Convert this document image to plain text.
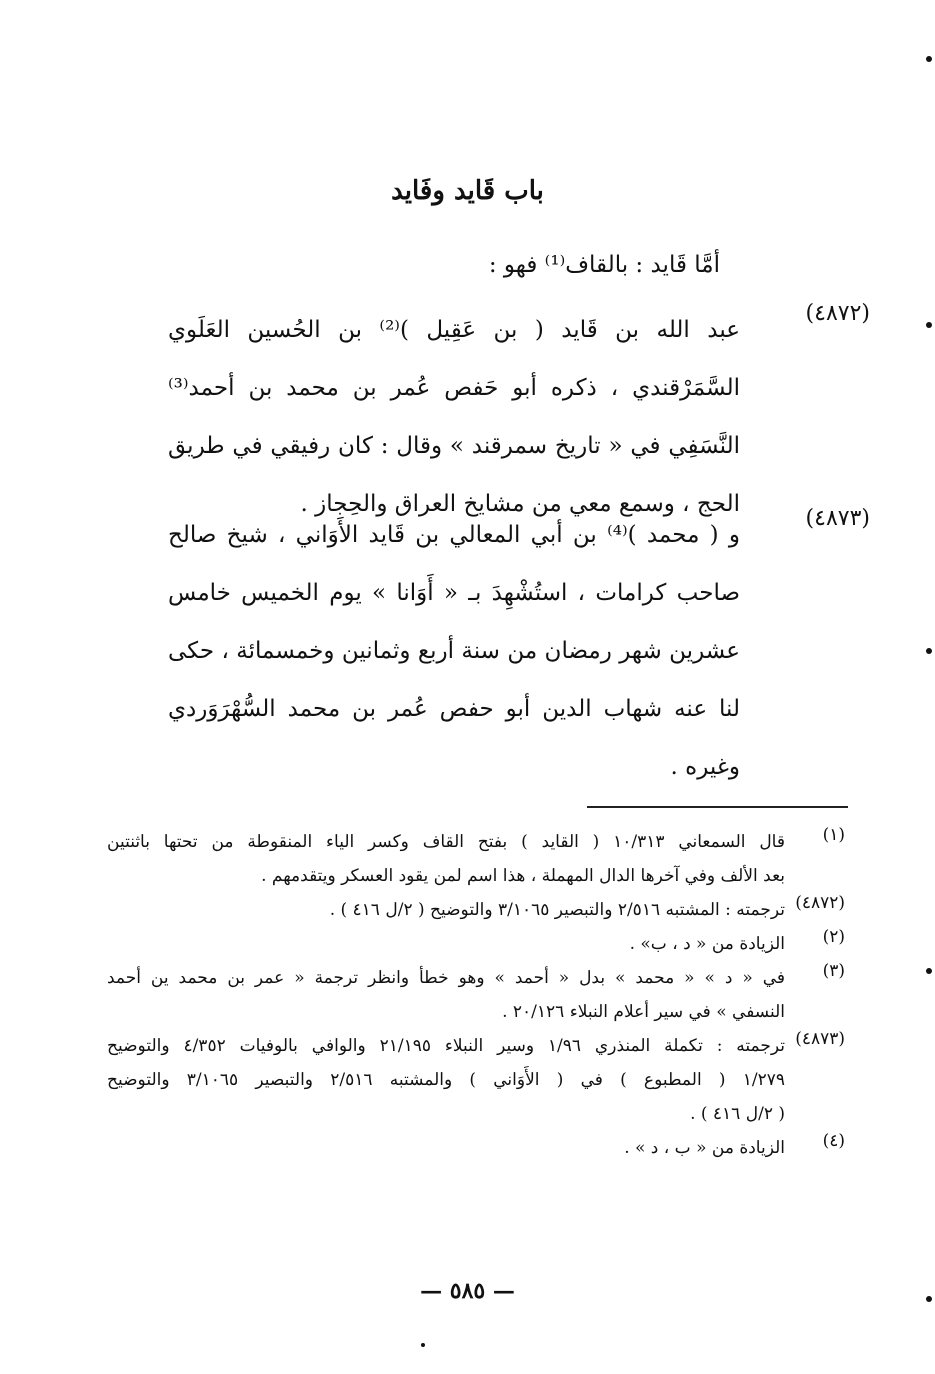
باب قَايد وفَايد
أمَّا قَايد : بالقاف⁽¹⁾ فهو :
(٤٨٧٢)
عبد الله بن قَايد ( بن عَقِيل )⁽²⁾ بن الحُسين العَلَوي
السَّمَرْقندي ، ذكره أبو حَفص عُمر بن محمد بن أحمد⁽³⁾
النَّسَفِي في « تاريخ سمرقند » وقال : كان رفيقي في طريق
الحج ، وسمع معي من مشايخ العراق والحِجاز .
(٤٨٧٣)
و ( محمد )⁽⁴⁾ بن أبي المعالي بن قَايد الأَوَاني ، شيخ صالح
صاحب كرامات ، استُشْهِدَ بـ « أَوَانا » يوم الخميس خامس
عشرين شهر رمضان من سنة أربع وثمانين وخمسمائة ، حكى
لنا عنه شهاب الدين أبو حفص عُمر بن محمد السُّهْرَوَردي
وغيره .
(١)
قال السمعاني ١٠/٣١٣ ( القايد ) بفتح القاف وكسر الياء المنقوطة من تحتها باثنتين
بعد الألف وفي آخرها الدال المهملة ، هذا اسم لمن يقود العسكر ويتقدمهم .
(٤٨٧٢)
ترجمته : المشتبه ٢/٥١٦ والتبصير ٣/١٠٦٥ والتوضيح ( ٢/ل ٤١٦ ) .
(٢)
الزيادة من « د ، ب» .
(٣)
في « د » « محمد » بدل « أحمد » وهو خطأ وانظر ترجمة « عمر بن محمد ين أحمد
النسفي » في سير أعلام النبلاء ٢٠/١٢٦ .
(٤٨٧٣)
ترجمته : تكملة المنذري ١/٩٦ وسير النبلاء ٢١/١٩٥ والوافي بالوفيات ٤/٣٥٢ والتوضيح
١/٢٧٩ ( المطبوع ) في ( الأَوَاني ) والمشتبه ٢/٥١٦ والتبصير ٣/١٠٦٥ والتوضيح
( ٢/ل ٤١٦ ) .
(٤)
الزيادة من « ب ، د » .
— ٥٨٥ —
